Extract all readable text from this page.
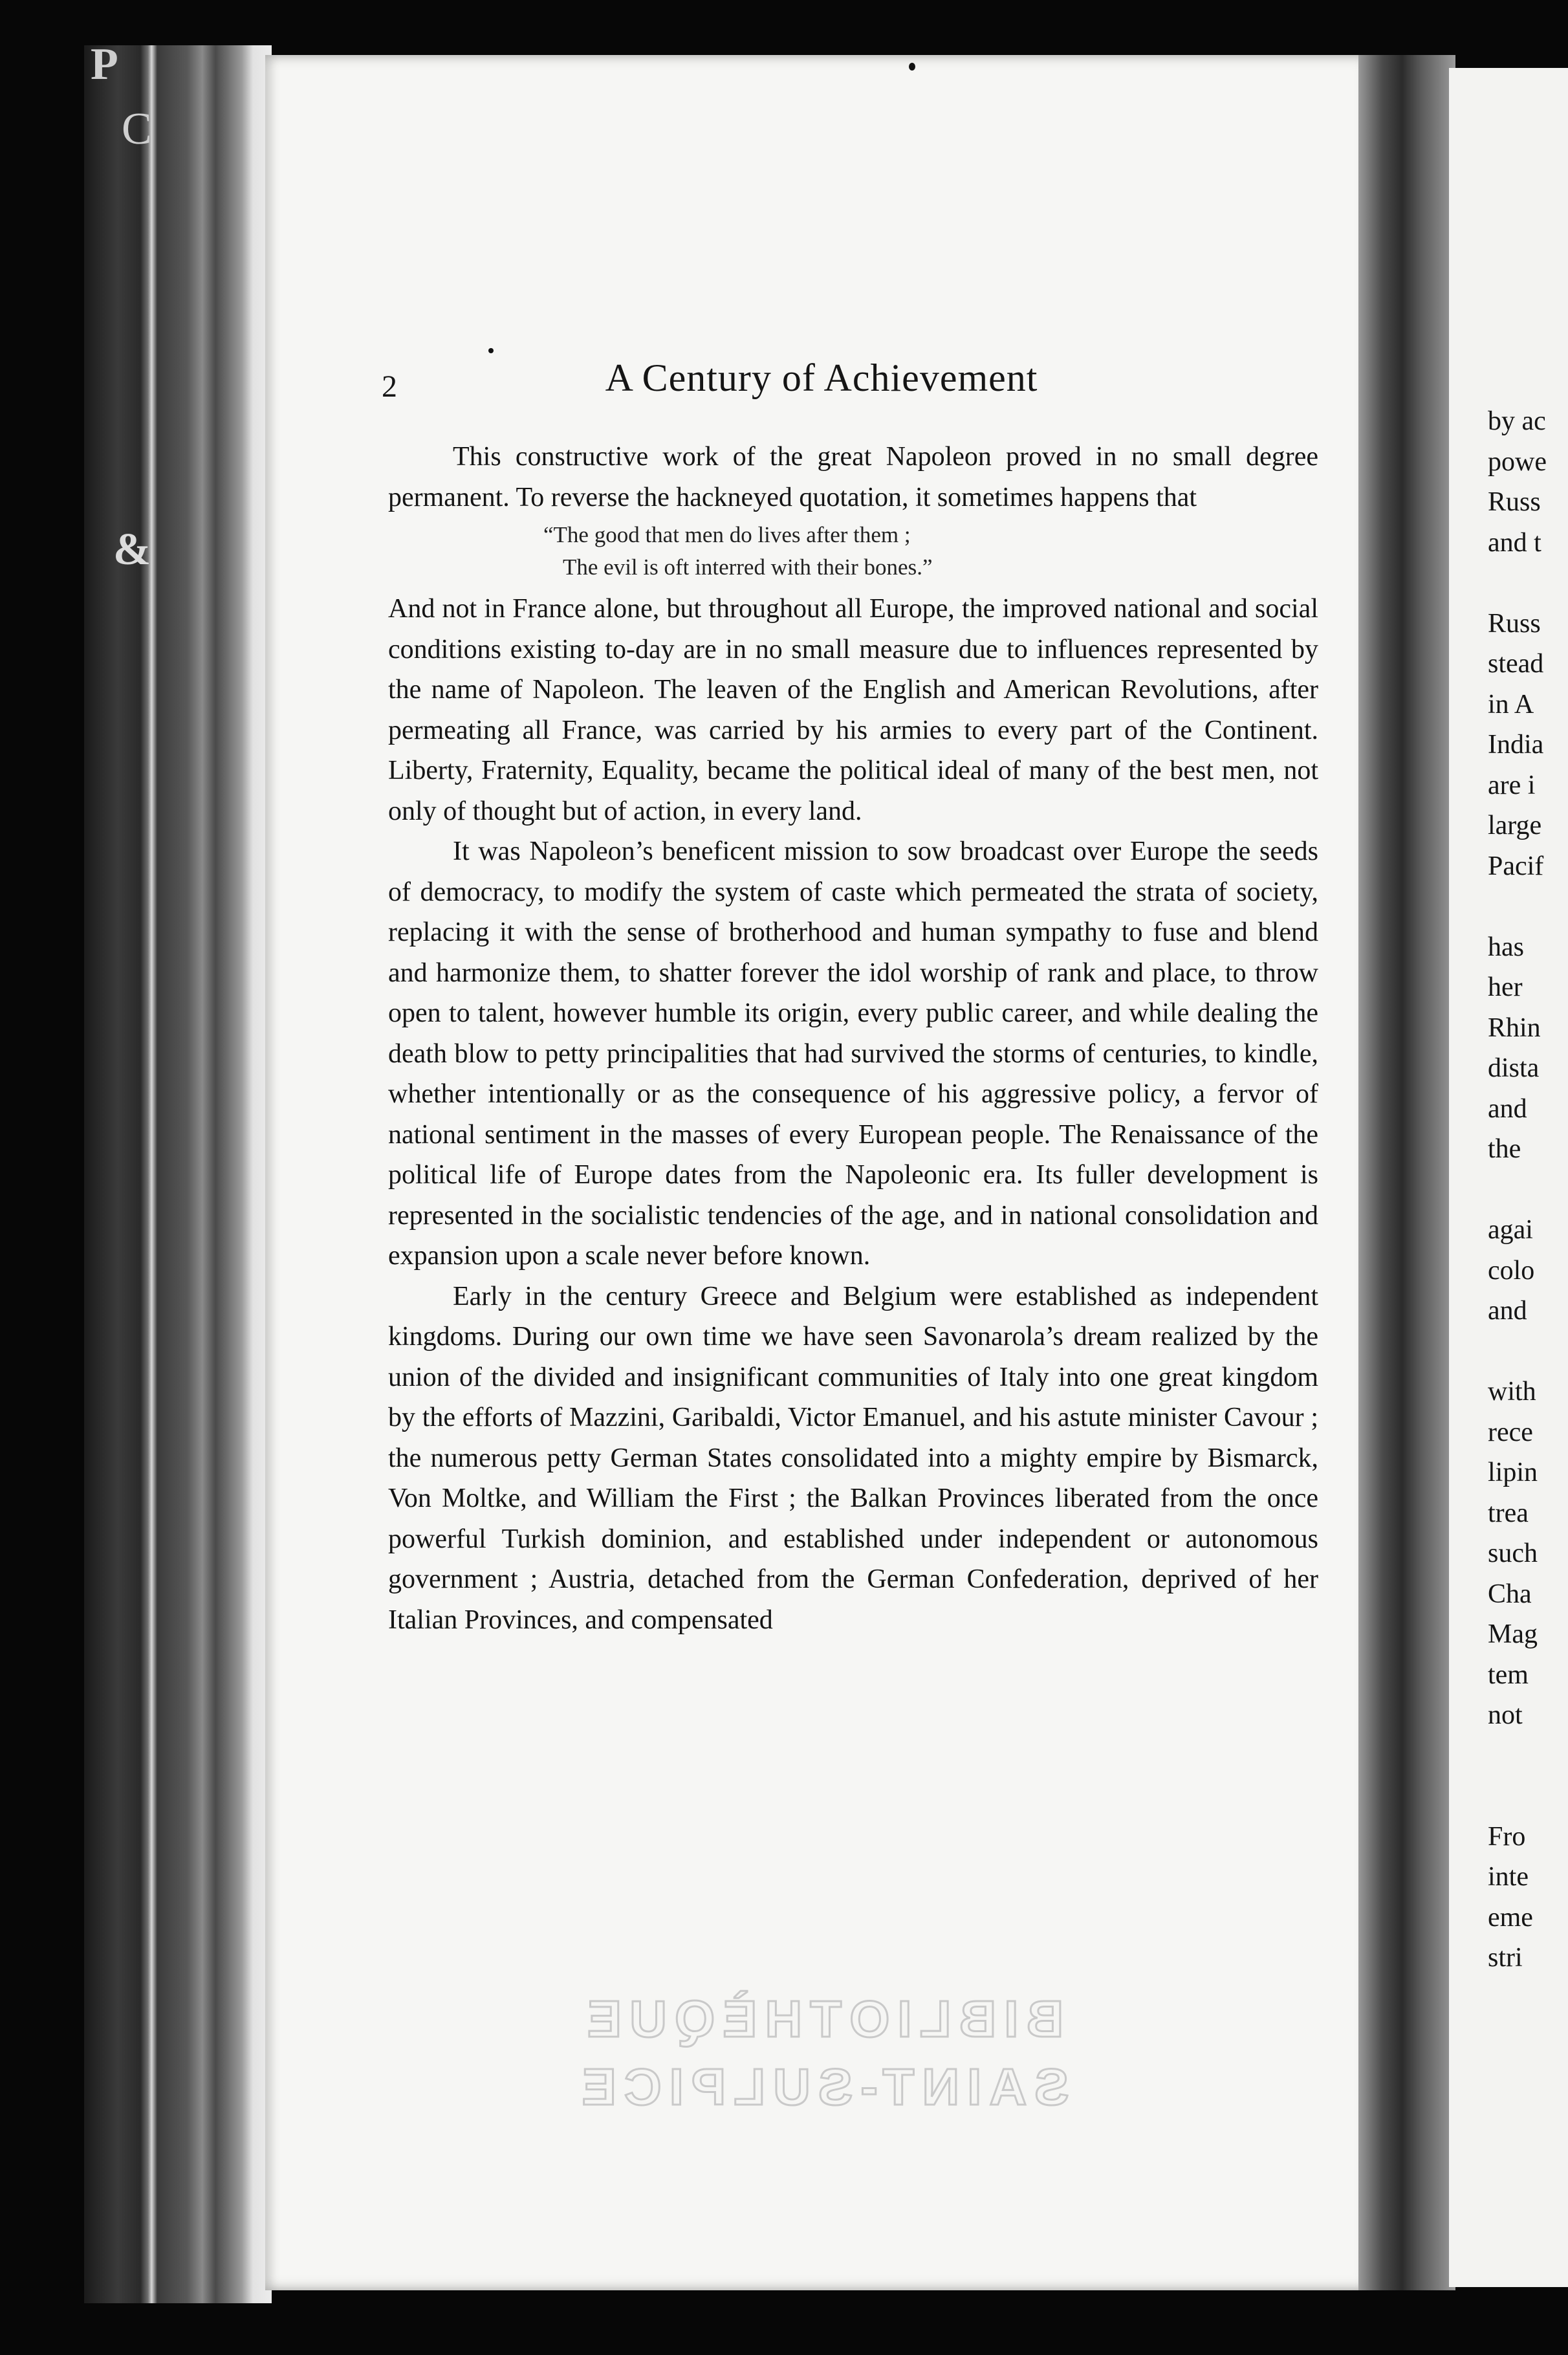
P
C
&
2	A Century of Achievement

This constructive work of the great Napoleon proved in no small degree permanent. To reverse the hackneyed quotation, it sometimes happens that

“The good that men do lives after them ;
The evil is oft interred with their bones.”

And not in France alone, but throughout all Europe, the improved national and social conditions existing to-day are in no small measure due to influences represented by the name of Napoleon. The leaven of the English and American Revolutions, after permeating all France, was carried by his armies to every part of the Continent. Liberty, Fraternity, Equality, became the political ideal of many of the best men, not only of thought but of action, in every land.

It was Napoleon’s beneficent mission to sow broadcast over Europe the seeds of democracy, to modify the system of caste which permeated the strata of society, replacing it with the sense of brotherhood and human sympathy to fuse and blend and harmonize them, to shatter forever the idol worship of rank and place, to throw open to talent, however humble its origin, every public career, and while dealing the death blow to petty principalities that had survived the storms of centuries, to kindle, whether intentionally or as the consequence of his aggressive policy, a fervor of national sentiment in the masses of every European people. The Renaissance of the political life of Europe dates from the Napoleonic era. Its fuller development is represented in the socialistic tendencies of the age, and in national consolidation and expansion upon a scale never before known.

Early in the century Greece and Belgium were established as independent kingdoms. During our own time we have seen Savonarola’s dream realized by the union of the divided and insignificant communities of Italy into one great kingdom by the efforts of Mazzini, Garibaldi, Victor Emanuel, and his astute minister Cavour ; the numerous petty German States consolidated into a mighty empire by Bismarck, Von Moltke, and William the First ; the Balkan Provinces liberated from the once powerful Turkish dominion, and established under independent or autonomous government ; Austria, detached from the German Confederation, deprived of her Italian Provinces, and compensated

BIBLIOTHÈQUE
SAINT-SULPICE
by ac
powe
Russ
and t
Russ
stead
in A
India
are i
large
Pacif
has
her
Rhin
dista
and
the
agai
colo
and
with
rece
lipin
trea
such
Cha
Mag
tem
not
Fro
inte
eme
stri
